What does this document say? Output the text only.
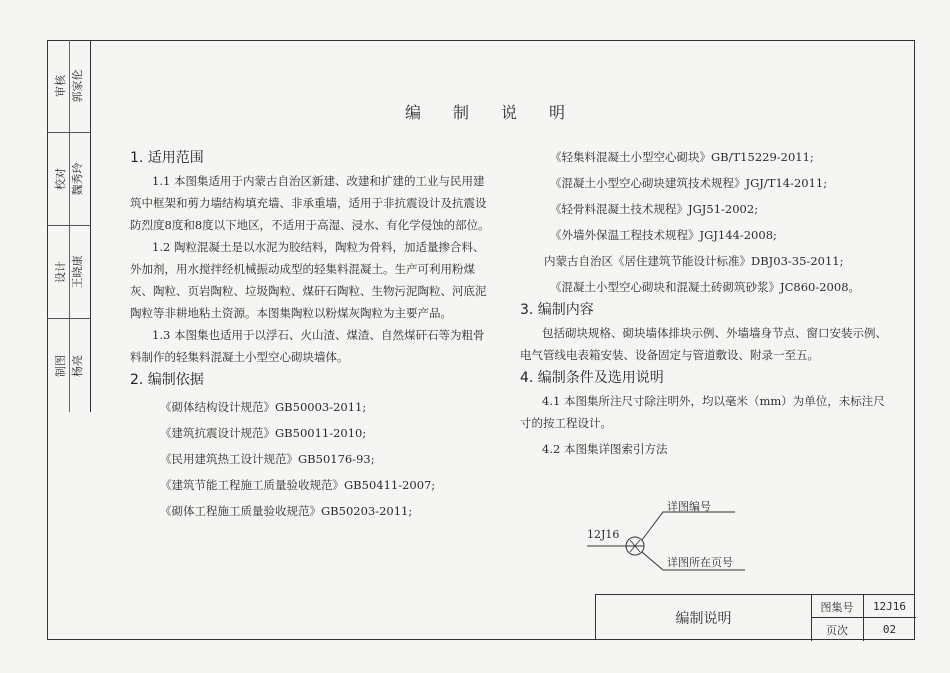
审核 郭家伦
校对 魏秀玲
设计 王晓康
制图 杨亮
编制说明
1. 适用范围

1.1 本图集适用于内蒙古自治区新建、改建和扩建的工业与民用建筑中框架和剪力墙结构填充墙、非承重墙，适用于非抗震设计及抗震设防烈度8度和8度以下地区，不适用于高湿、浸水、有化学侵蚀的部位。

1.2 陶粒混凝土是以水泥为胶结料，陶粒为骨料，加适量掺合料、外加剂，用水搅拌经机械振动成型的轻集料混凝土。生产可利用粉煤灰、陶粒、页岩陶粒、垃圾陶粒、煤矸石陶粒、生物污泥陶粒、河底泥陶粒等非耕地粘土资源。本图集陶粒以粉煤灰陶粒为主要产品。

1.3 本图集也适用于以浮石、火山渣、煤渣、自然煤矸石等为粗骨料制作的轻集料混凝土小型空心砌块墙体。

2. 编制依据

《砌体结构设计规范》GB50003-2011;

《建筑抗震设计规范》GB50011-2010;

《民用建筑热工设计规范》GB50176-93;

《建筑节能工程施工质量验收规范》GB50411-2007;

《砌体工程施工质量验收规范》GB50203-2011;

《轻集料混凝土小型空心砌块》GB/T15229-2011;

《混凝土小型空心砌块建筑技术规程》JGJ/T14-2011;

《轻骨料混凝土技术规程》JGJ51-2002;

《外墙外保温工程技术规程》JGJ144-2008;

内蒙古自治区《居住建筑节能设计标准》DBJ03-35-2011;

《混凝土小型空心砌块和混凝土砖砌筑砂浆》JC860-2008。

3. 编制内容

包括砌块规格、砌块墙体排块示例、外墙墙身节点、窗口安装示例、电气管线电表箱安装、设备固定与管道敷设、附录一至五。

4. 编制条件及选用说明

4.1 本图集所注尺寸除注明外，均以毫米（mm）为单位，未标注尺寸的按工程设计。

4.2 本图集详图索引方法

12J16
详图编号
详图所在页号
编制说明
图集号	12J16
页次	02
